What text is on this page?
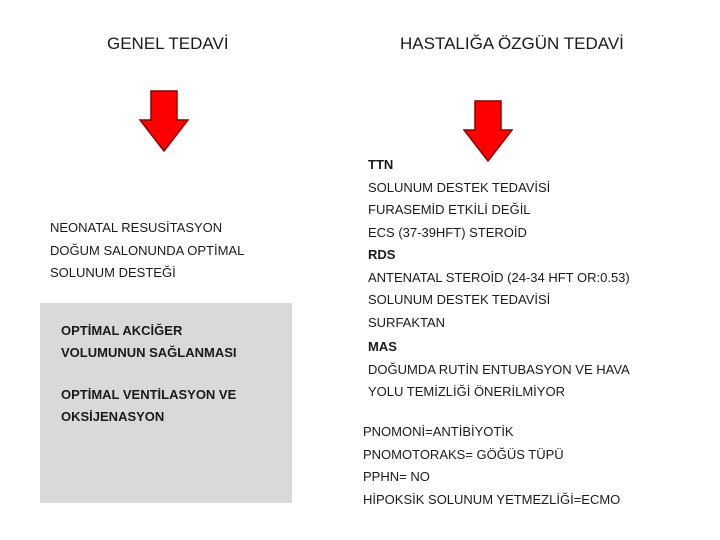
GENEL TEDAVİ
NEONATAL RESUSİTASYON
DOĞUM SALONUNDA OPTİMAL
SOLUNUM DESTEĞİ
OPTİMAL AKCİĞER
VOLUMUNUN SAĞLANMASI
OPTİMAL VENTİLASYON VE
OKSİJENASYON
HASTALIĞA ÖZGÜN TEDAVİ
TTN
SOLUNUM DESTEK TEDAVİSİ
FURASEMİD ETKİLİ DEĞİL
ECS (37-39HFT) STEROİD
RDS
ANTENATAL STEROİD (24-34 HFT OR:0.53)
SOLUNUM DESTEK TEDAVİSİ
SURFAKTAN
MAS
DOĞUMDA RUTİN ENTUBASYON VE HAVA
YOLU TEMİZLİĞİ ÖNERİLMİYOR
PNOMONİ=ANTİBİYOTİK
PNOMOTORAKS= GÖĞÜS TÜPÜ
PPHN= NO
HİPOKSİK SOLUNUM YETMEZLİĞİ=ECMO
